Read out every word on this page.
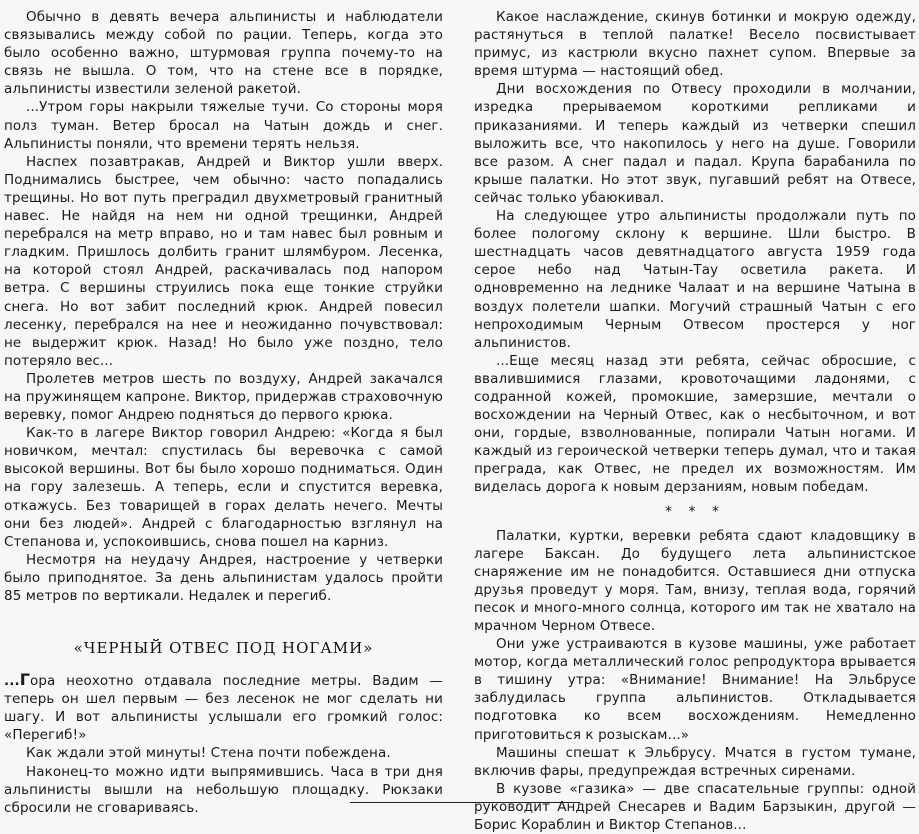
Обычно в девять вечера альпинисты и наблюдатели связывались между собой по рации. Теперь, когда это было особенно важно, штурмовая группа почему-то на связь не вышла. О том, что на стене все в порядке, альпинисты известили зеленой ракетой.

...Утром горы накрыли тяжелые тучи. Со стороны моря полз туман. Ветер бросал на Чатын дождь и снег. Альпинисты поняли, что времени терять нельзя.

Наспех позавтракав, Андрей и Виктор ушли вверх. Поднимались быстрее, чем обычно: часто попадались трещины. Но вот путь преградил двухметровый гранитный навес. Не найдя на нем ни одной трещинки, Андрей перебрался на метр вправо, но и там навес был ровным и гладким. Пришлось долбить гранит шлямбуром. Лесенка, на которой стоял Андрей, раскачивалась под напором ветра. С вершины струились пока еще тонкие струйки снега. Но вот забит последний крюк. Андрей повесил лесенку, перебрался на нее и неожиданно почувствовал: не выдержит крюк. Назад! Но было уже поздно, тело потеряло вес...

Пролетев метров шесть по воздуху, Андрей закачался на пружинящем капроне. Виктор, придержав страховочную веревку, помог Андрею подняться до первого крюка.

Как-то в лагере Виктор говорил Андрею: «Когда я был новичком, мечтал: спустилась бы веревочка с самой высокой вершины. Вот бы было хорошо подниматься. Один на гору залезешь. А теперь, если и спустится веревка, откажусь. Без товарищей в горах делать нечего. Мечты они без людей». Андрей с благодарностью взглянул на Степанова и, успокоившись, снова пошел на карниз.

Несмотря на неудачу Андрея, настроение у четверки было приподнятое. За день альпинистам удалось пройти 85 метров по вертикали. Недалек и перегиб.

«ЧЕРНЫЙ ОТВЕС ПОД НОГАМИ»

...Гора неохотно отдавала последние метры. Вадим — теперь он шел первым — без лесенок не мог сделать ни шагу. И вот альпинисты услышали его громкий голос: «Перегиб!»

Как ждали этой минуты! Стена почти побеждена.

Наконец-то можно идти выпрямившись. Часа в три дня альпинисты вышли на небольшую площадку. Рюкзаки сбросили не сговариваясь.

Какое наслаждение, скинув ботинки и мокрую одежду, растянуться в теплой палатке! Весело посвистывает примус, из кастрюли вкусно пахнет супом. Впервые за время штурма — настоящий обед.

Дни восхождения по Отвесу проходили в молчании, изредка прерываемом короткими репликами и приказаниями. И теперь каждый из четверки спешил выложить все, что накопилось у него на душе. Говорили все разом. А снег падал и падал. Крупа барабанила по крыше палатки. Но этот звук, пугавший ребят на Отвесе, сейчас только убаюкивал.

На следующее утро альпинисты продолжали путь по более пологому склону к вершине. Шли быстро. В шестнадцать часов девятнадцатого августа 1959 года серое небо над Чатын-Тау осветила ракета. И одновременно на леднике Чалаат и на вершине Чатына в воздух полетели шапки. Могучий страшный Чатын с его непроходимым Черным Отвесом простерся у ног альпинистов.

...Еще месяц назад эти ребята, сейчас обросшие, с ввалившимися глазами, кровоточащими ладонями, с содранной кожей, промокшие, замерзшие, мечтали о восхождении на Черный Отвес, как о несбыточном, и вот они, гордые, взволнованные, попирали Чатын ногами. И каждый из героической четверки теперь думал, что и такая преграда, как Отвес, не предел их возможностям. Им виделась дорога к новым дерзаниям, новым победам.

* * *

Палатки, куртки, веревки ребята сдают кладовщику в лагере Баксан. До будущего лета альпинистское снаряжение им не понадобится. Оставшиеся дни отпуска друзья проведут у моря. Там, внизу, теплая вода, горячий песок и много-много солнца, которого им так не хватало на мрачном Черном Отвесе.

Они уже устраиваются в кузове машины, уже работает мотор, когда металлический голос репродуктора врывается в тишину утра: «Внимание! Внимание! На Эльбрусе заблудилась группа альпинистов. Откладывается подготовка ко всем восхождениям. Немедленно приготовиться к розыскам...»

Машины спешат к Эльбрусу. Мчатся в густом тумане, включив фары, предупреждая встречных сиренами.

В кузове «газика» — две спасательные группы: одной руководит Андрей Снесарев и Вадим Барзыкин, другой — Борис Кораблин и Виктор Степанов...
